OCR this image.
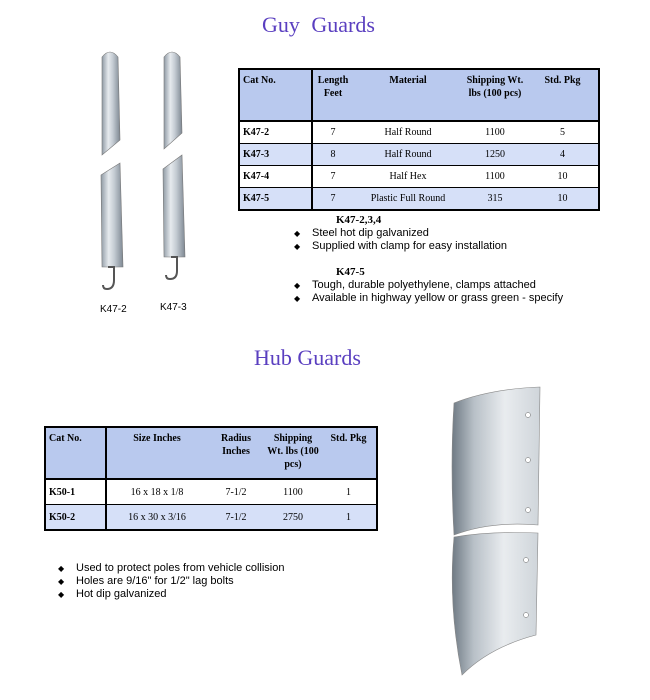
Guy Guards
K47-2	K47-3
Cat No.	Length Feet	Material	Shipping Wt. lbs (100 pcs)	Std. Pkg
K47-2	7	Half Round	1100	5
K47-3	8	Half Round	1250	4
K47-4	7	Half Hex	1100	10
K47-5	7	Plastic Full Round	315	10
K47-2,3,4
◆ Steel hot dip galvanized
◆ Supplied with clamp for easy installation
K47-5
◆ Tough, durable polyethylene, clamps attached
◆ Available in highway yellow or grass green - specify
Hub Guards
Cat No.	Size Inches	Radius Inches	Shipping Wt. lbs (100 pcs)	Std. Pkg
K50-1	16 x 18 x 1/8	7-1/2	1100	1
K50-2	16 x 30 x 3/16	7-1/2	2750	1
◆ Used to protect poles from vehicle collision
◆ Holes are 9/16" for 1/2" lag bolts
◆ Hot dip galvanized
